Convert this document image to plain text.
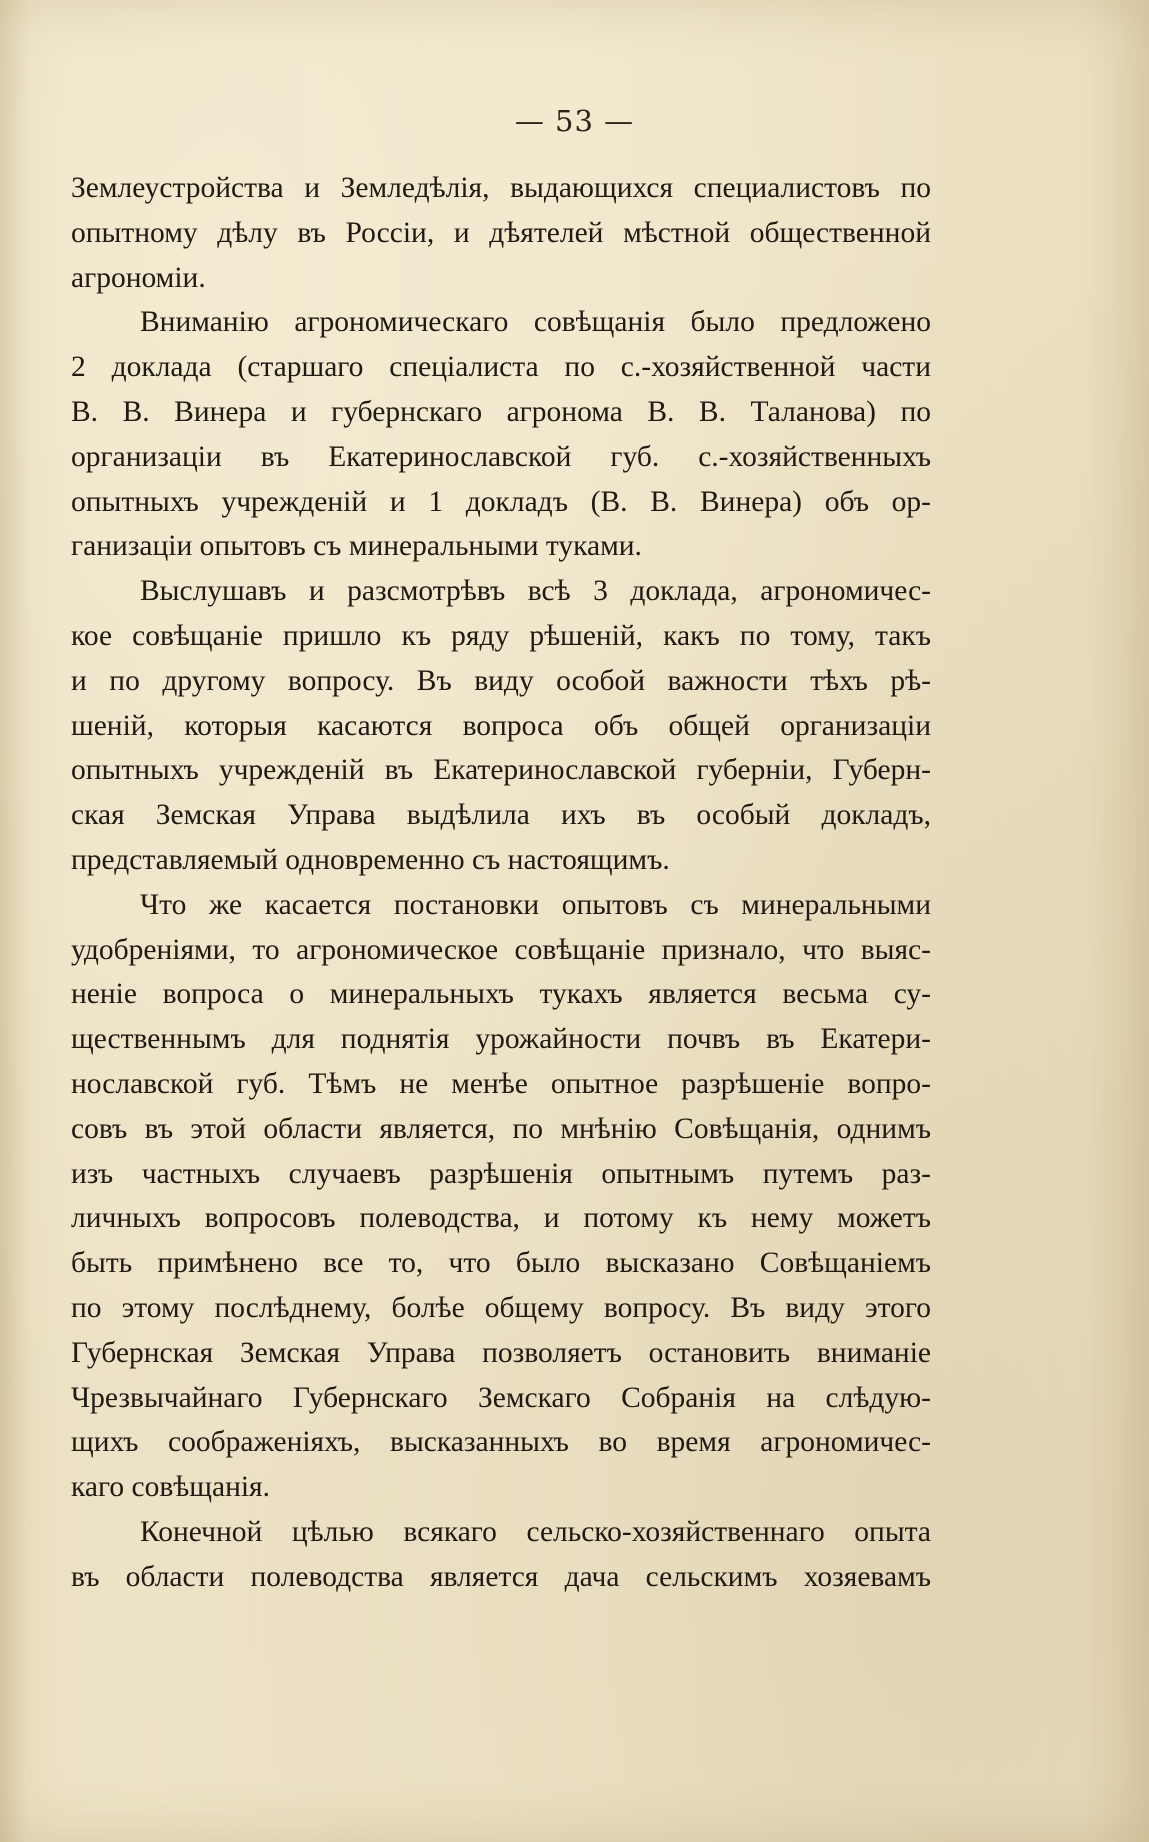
— 53 —
Землеустройства и Земледѣлія, выдающихся специалистовъ по
опытному дѣлу въ Россіи, и дѣятелей мѣстной общественной
агрономіи.
Вниманію агрономическаго совѣщанія было предложено
2 доклада (старшаго спеціалиста по с.-хозяйственной части
В. В. Винера и губернскаго агронома В. В. Таланова) по
организаціи въ Екатеринославской губ. с.-хозяйственныхъ
опытныхъ учрежденій и 1 докладъ (В. В. Винера) объ ор-
ганизаціи опытовъ съ минеральными туками.
Выслушавъ и разсмотрѣвъ всѣ 3 доклада, агрономичес-
кое совѣщаніе пришло къ ряду рѣшеній, какъ по тому, такъ
и по другому вопросу. Въ виду особой важности тѣхъ рѣ-
шеній, которыя касаются вопроса объ общей организаціи
опытныхъ учрежденій въ Екатеринославской губерніи, Губерн-
ская Земская Управа выдѣлила ихъ въ особый докладъ,
представляемый одновременно съ настоящимъ.
Что же касается постановки опытовъ съ минеральными
удобреніями, то агрономическое совѣщаніе признало, что выяс-
неніе вопроса о минеральныхъ тукахъ является весьма су-
щественнымъ для поднятія урожайности почвъ въ Екатери-
нославской губ. Тѣмъ не менѣе опытное разрѣшеніе вопро-
совъ въ этой области является, по мнѣнію Совѣщанія, однимъ
изъ частныхъ случаевъ разрѣшенія опытнымъ путемъ раз-
личныхъ вопросовъ полеводства, и потому къ нему можетъ
быть примѣнено все то, что было высказано Совѣщаніемъ
по этому послѣднему, болѣе общему вопросу. Въ виду этого
Губернская Земская Управа позволяетъ остановить вниманіе
Чрезвычайнаго Губернскаго Земскаго Собранія на слѣдую-
щихъ соображеніяхъ, высказанныхъ во время агрономичес-
каго совѣщанія.
Конечной цѣлью всякаго сельско-хозяйственнаго опыта
въ области полеводства является дача сельскимъ хозяевамъ
